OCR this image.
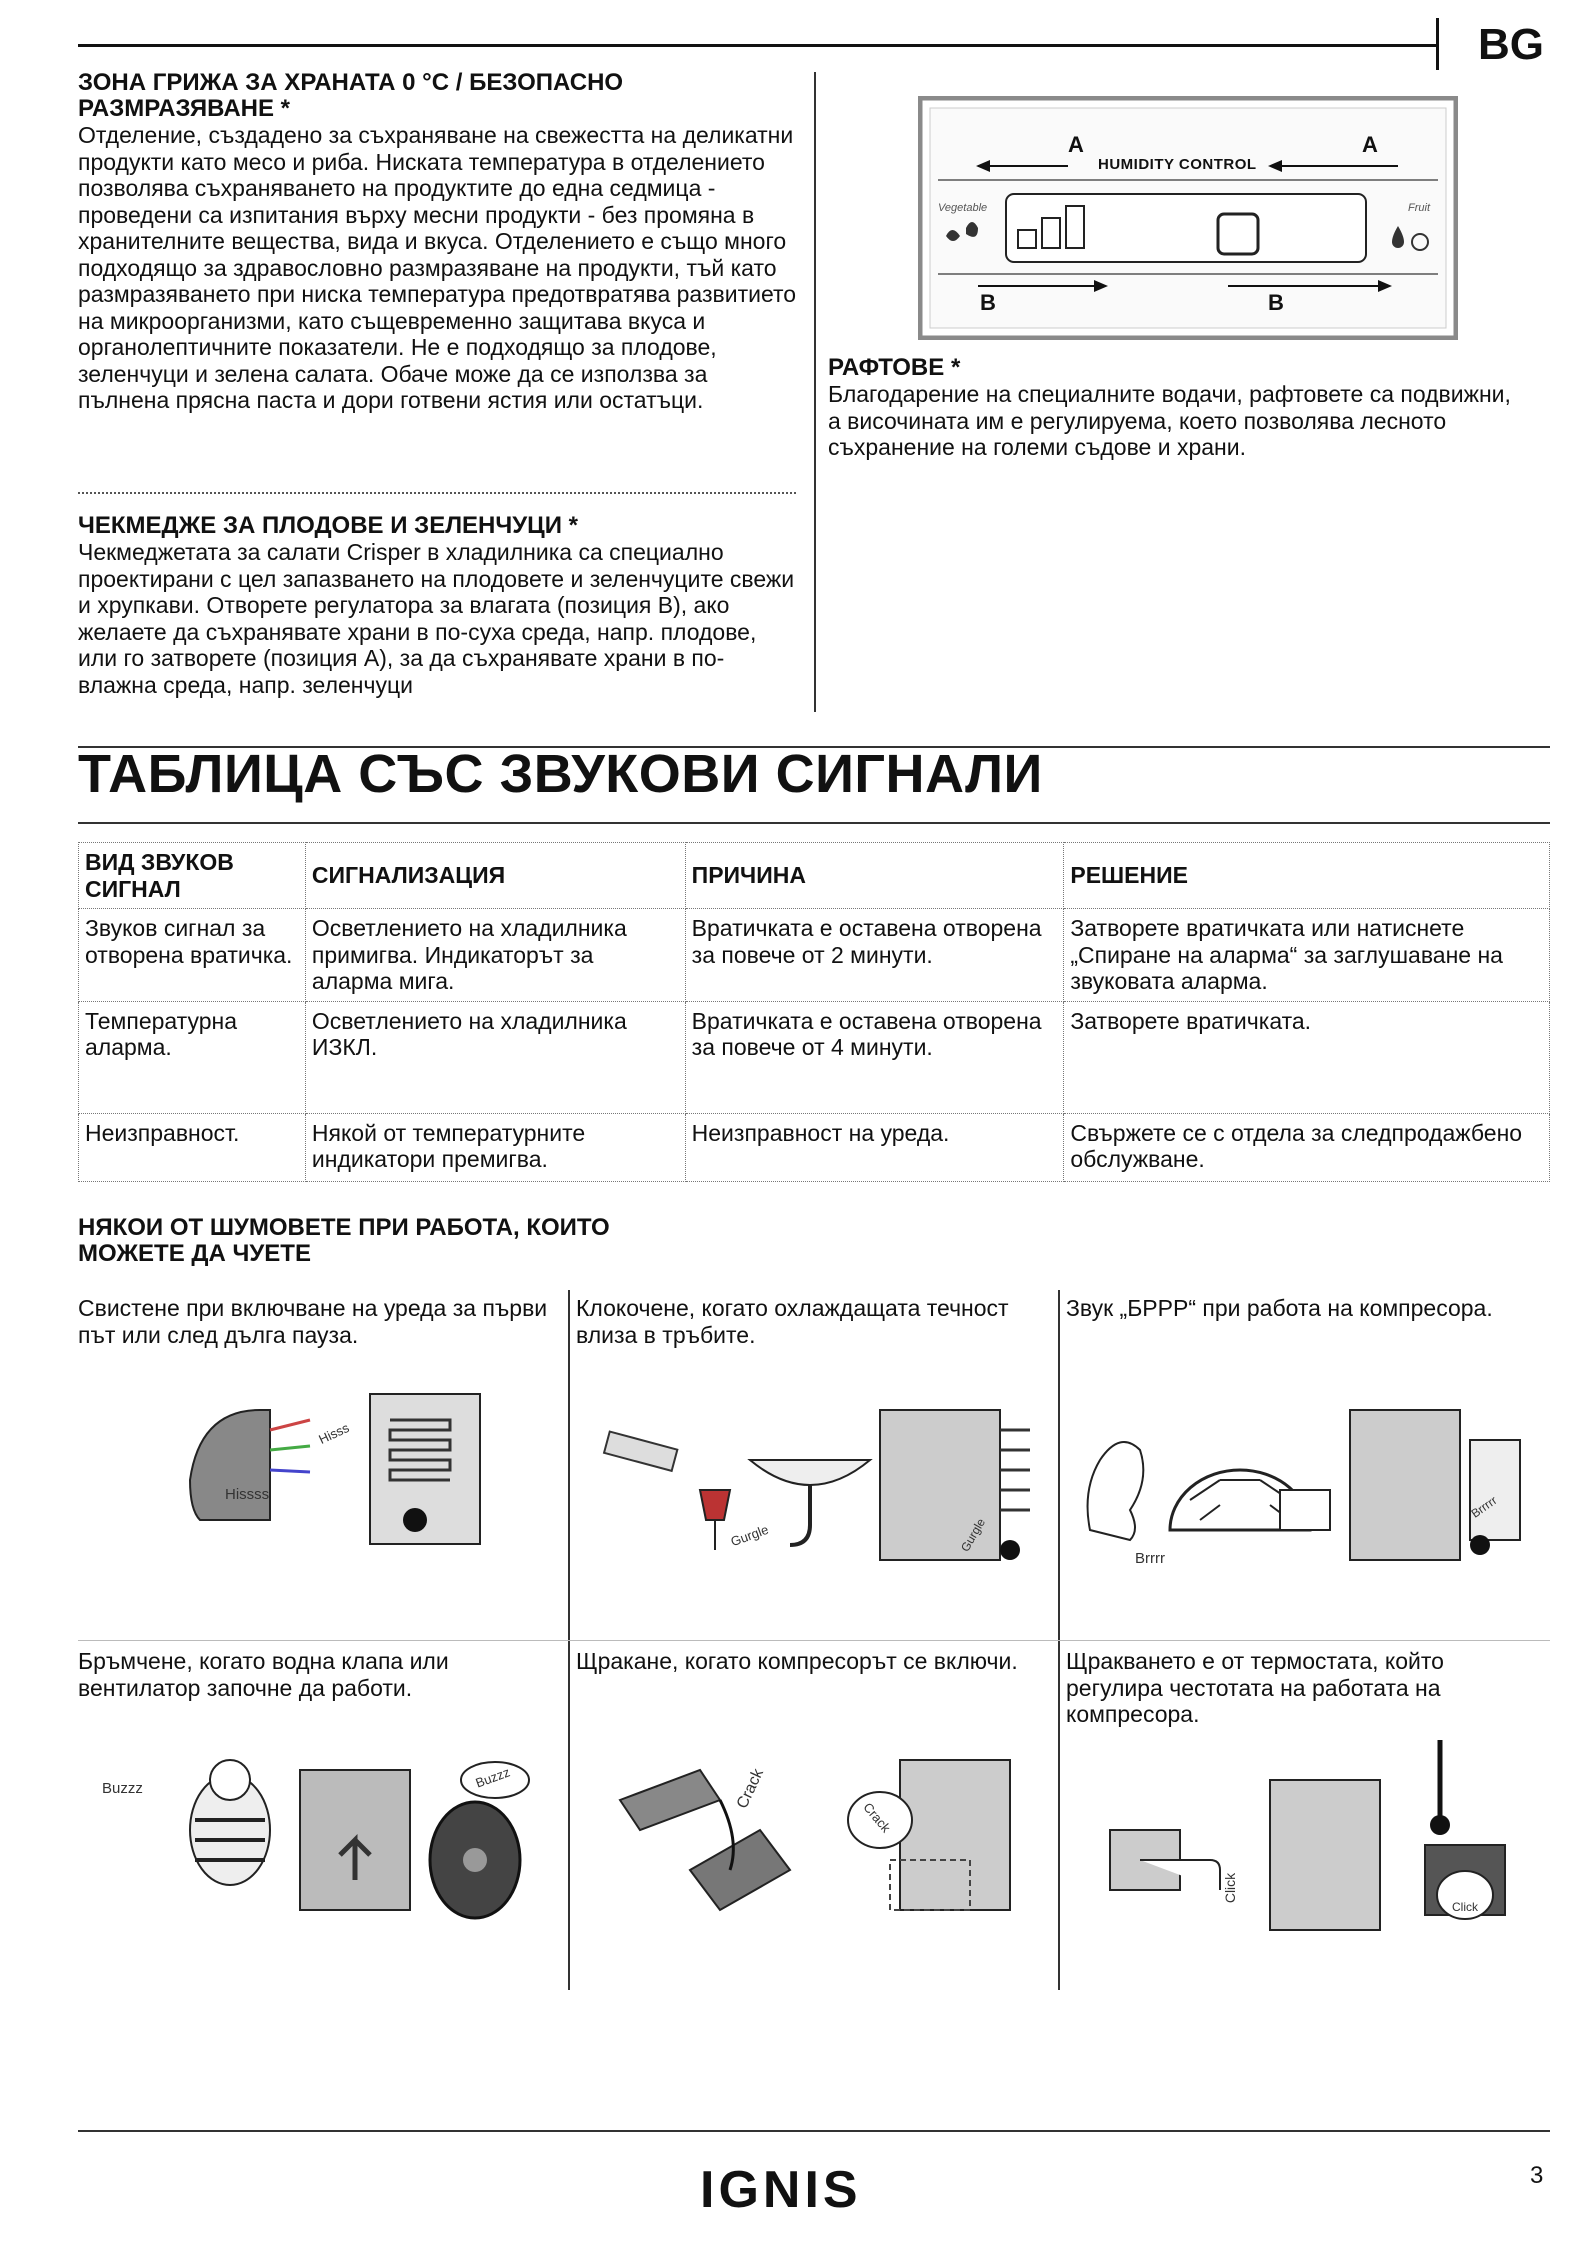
BG

ЗОНА ГРИЖА ЗА ХРАНАТА 0 °C / БЕЗОПАСНО РАЗМРАЗЯВАНЕ *

Отделение, създадено за съхраняване на свежестта на деликатни продукти като месо и риба. Ниската температура в отделението позволява съхраняването на продуктите до една седмица - проведени са изпитания върху месни продукти - без промяна в хранителните вещества, вида и вкуса. Отделението е също много подходящо за здравословно размразяване на продукти, тъй като размразяването при ниска температура предотвратява развитието на микроорганизми, като същевременно защитава вкуса и органолептичните показатели. Не е подходящо за плодове, зеленчуци и зелена салата. Обаче може да се използва за пълнена прясна паста и дори готвени ястия или остатъци.

ЧЕКМЕДЖЕ ЗА ПЛОДОВЕ И ЗЕЛЕНЧУЦИ *

Чекмеджетата за салати Crisper в хладилника са специално проектирани с цел запазването на плодовете и зеленчуците свежи и хрупкави. Отворете регулатора за влагата (позиция В), ако желаете да съхранявате храни в по-суха среда, напр. плодове, или го затворете (позиция А), за да съхранявате храни в по-влажна среда, напр. зеленчуци

A	A
HUMIDITY CONTROL
Vegetable	Fruit
B	B

РАФТОВЕ *

Благодарение на специалните водачи, рафтовете са подвижни, а височината им е регулируема, което позволява лесното съхранение на големи съдове и храни.

ТАБЛИЦА СЪС ЗВУКОВИ СИГНАЛИ
ВИД ЗВУКОВ СИГНАЛ	СИГНАЛИЗАЦИЯ	ПРИЧИНА	РЕШЕНИЕ
Звуков сигнал за отворена вратичка.	Осветлението на хладилника примигва. Индикаторът за аларма мига.	Вратичката е оставена отворена за повече от 2 минути.	Затворете вратичката или натиснете „Спиране на аларма“ за заглушаване на звуковата аларма.
Температурна аларма.	Осветлението на хладилника ИЗКЛ.	Вратичката е оставена отворена за повече от 4 минути.	Затворете вратичката.
Неизправност.	Някой от температурните индикатори премигва.	Неизправност на уреда.	Свържете се с отдела за следпродажбено обслужване.

НЯКОИ ОТ ШУМОВЕТЕ ПРИ РАБОТА, КОИТО МОЖЕТЕ ДА ЧУЕТЕ

Свистене при включване на уреда за първи път или след дълга пауза.

Клокочене, когато охлаждащата течност влиза в тръбите.

Звук „БРРР“ при работа на компресора.

Бръмчене, когато водна клапа или вентилатор започне да работи.

Щракане, когато компресорът се включи.	Щракването е от термостата, който регулира честотата на работата на компресора.

Hissss
Hisss
Gurgle	Gurgle
Brrrr
Brrrrr
Buzzz	Buzzz	Crack
Crack
Click
Click
IGNIS	3
